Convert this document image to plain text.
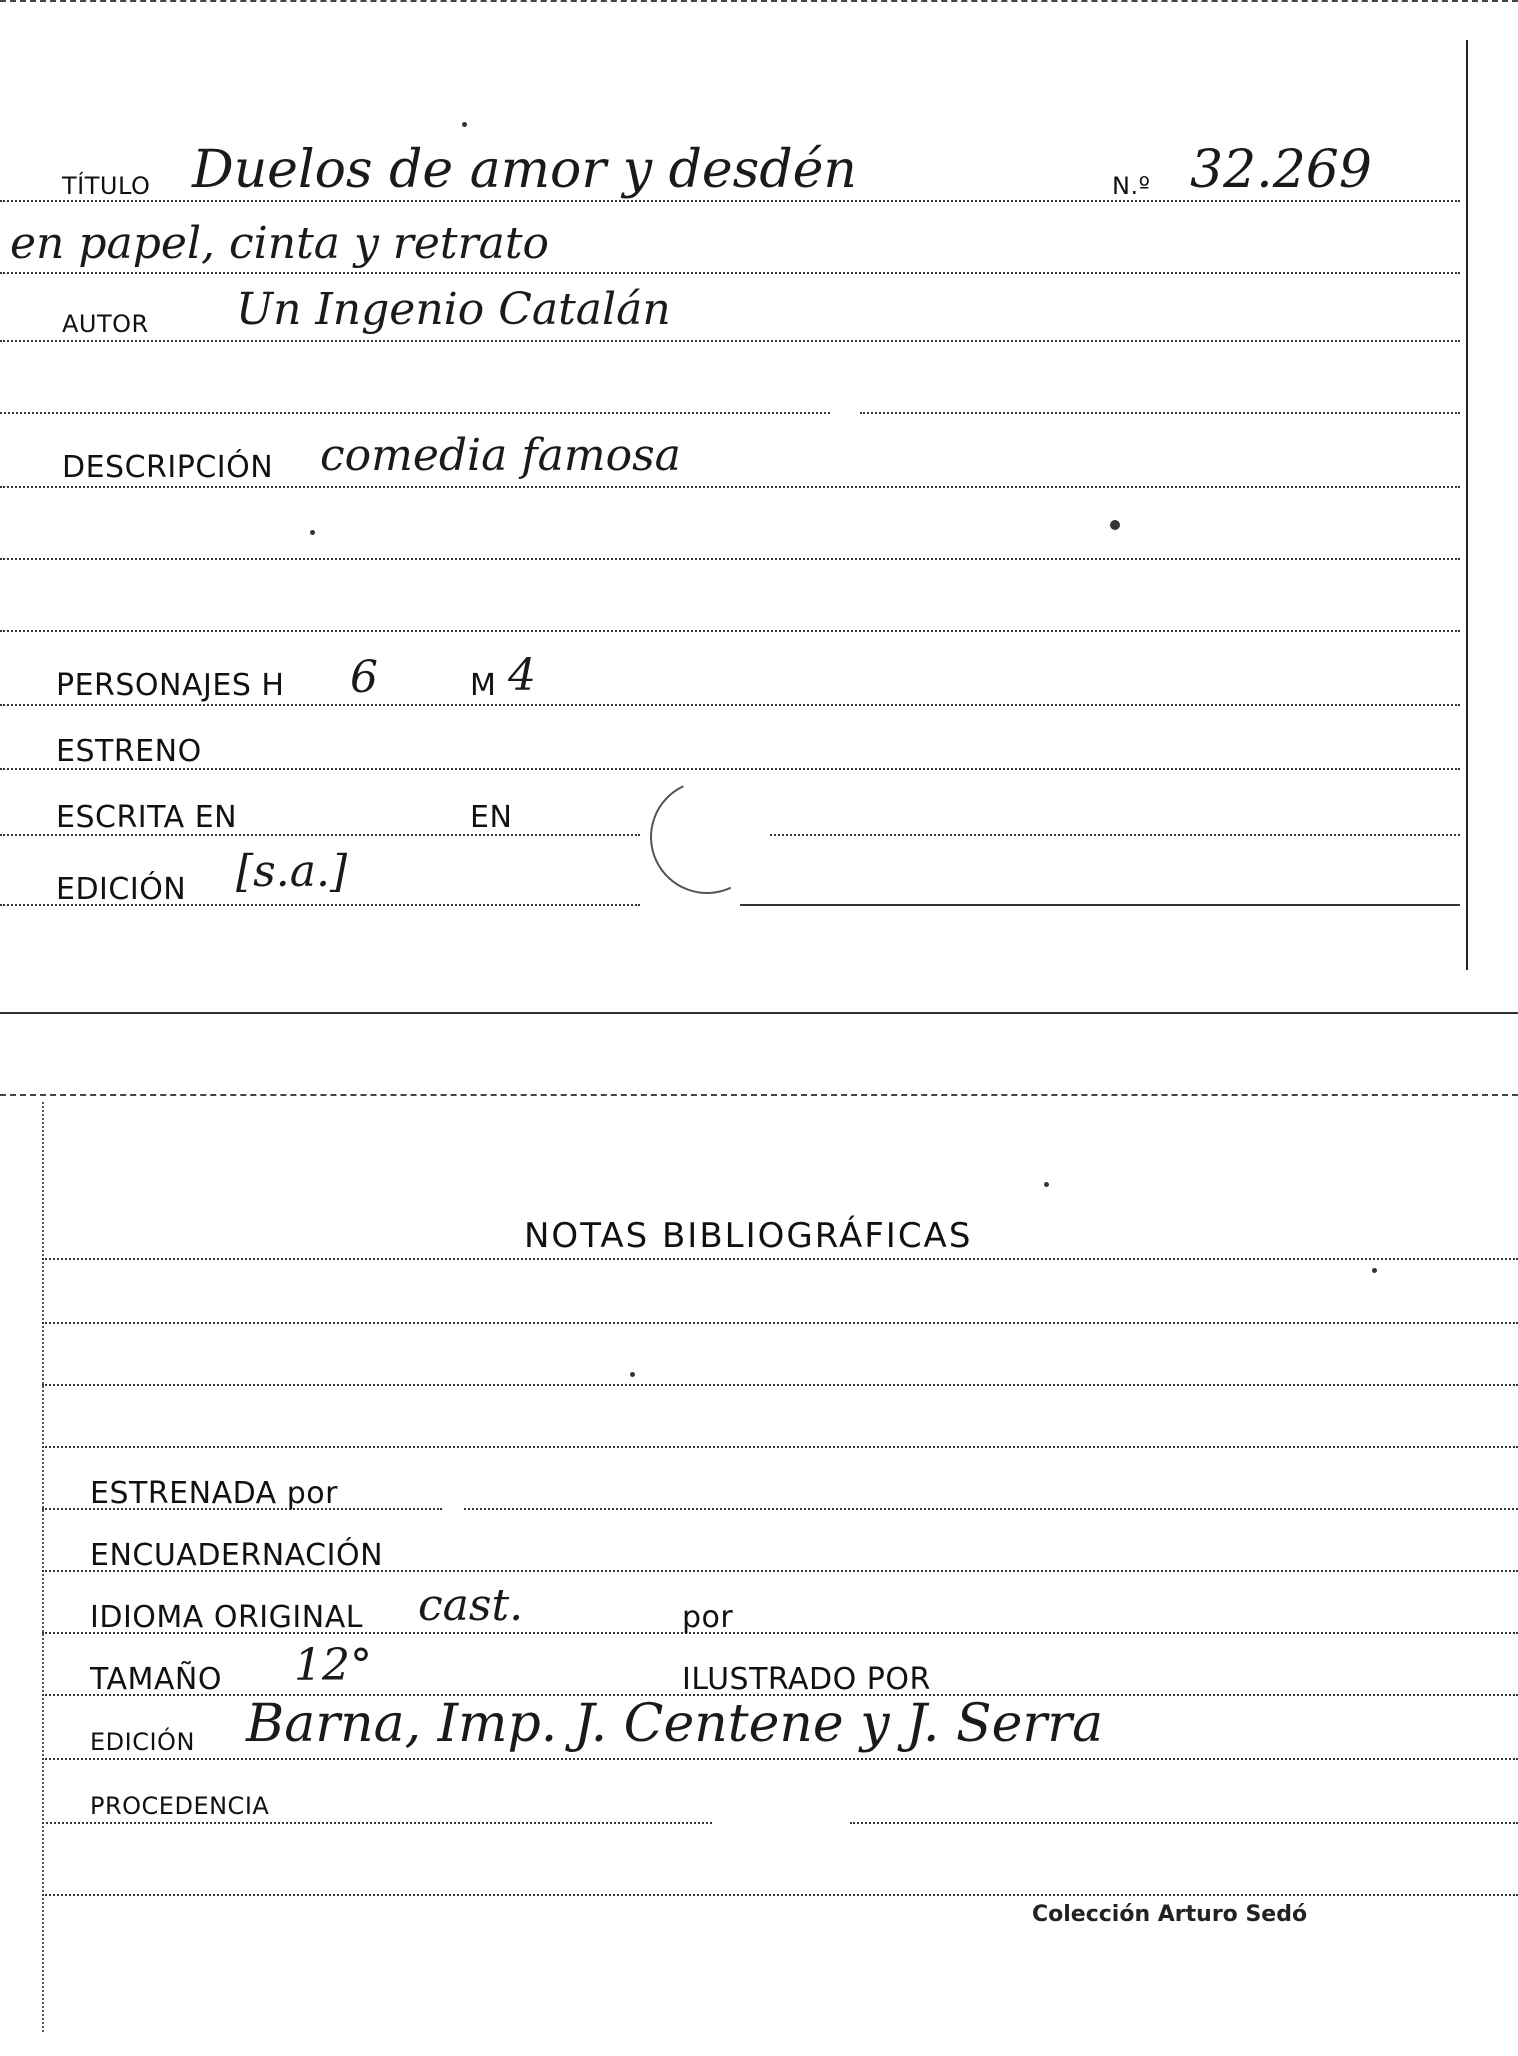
TÍTULO Duelos de amor y desdén	N.º 32.269
en papel, cinta y retrato
AUTOR Un Ingenio Catalán
DESCRIPCIÓN comedia famosa
PERSONAJES H 6	M 4
ESTRENO
ESCRITA EN	EN
EDICIÓN [s.a.]
NOTAS BIBLIOGRÁFICAS
ESTRENADA por
ENCUADERNACIÓN
IDIOMA ORIGINAL cast.	por
TAMAÑO 12°	ILUSTRADO POR
EDICIÓN Barna, Imp. J. Centene y J. Serra
PROCEDENCIA
Colección Arturo Sedó
